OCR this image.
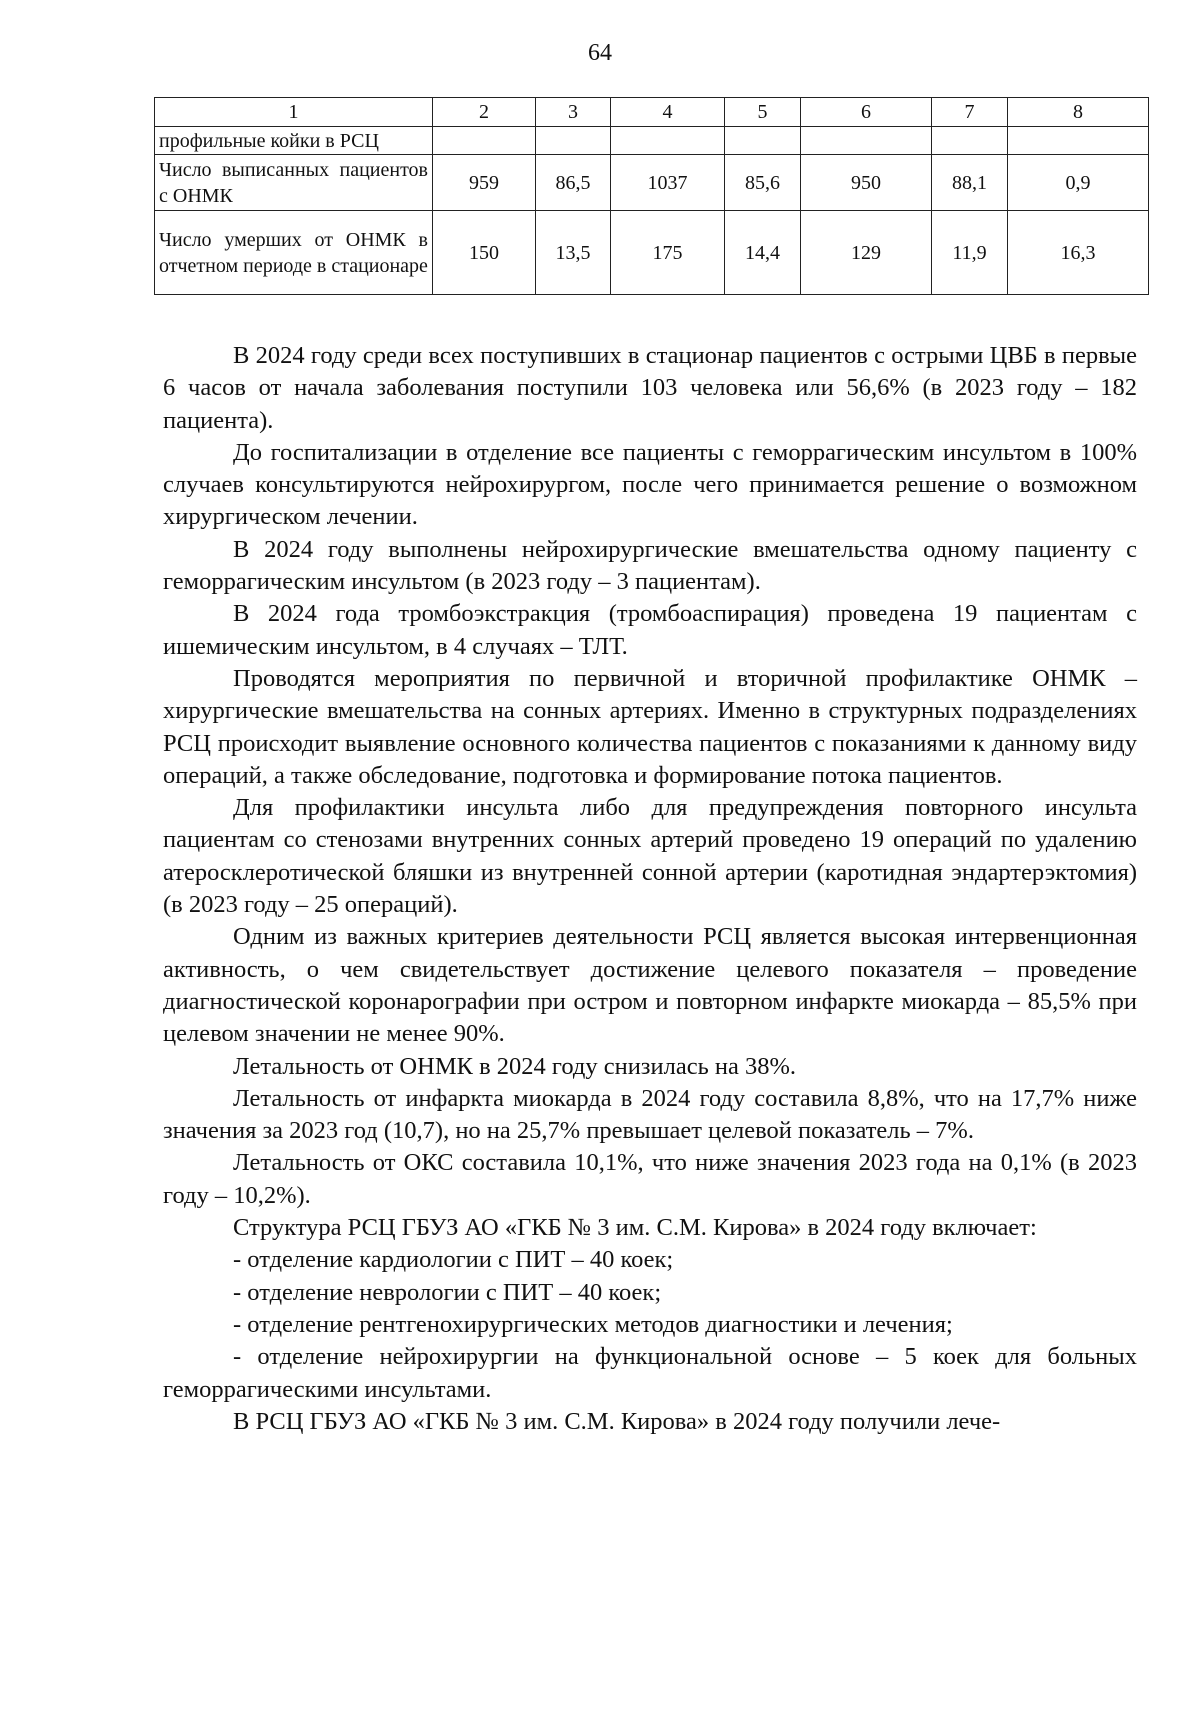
64
1	2	3	4	5	6	7	8
профильные койки в РСЦ							
Число выписанных пациентов с ОНМК	959	86,5	1037	85,6	950	88,1	0,9
Число умерших от ОНМК в отчетном периоде в стационаре	150	13,5	175	14,4	129	11,9	16,3

В 2024 году среди всех поступивших в стационар пациентов с острыми ЦВБ в первые 6 часов от начала заболевания поступили 103 человека или 56,6% (в 2023 году – 182 пациента).

До госпитализации в отделение все пациенты с геморрагическим инсультом в 100% случаев консультируются нейрохирургом, после чего принимается решение о возможном хирургическом лечении.

В 2024 году выполнены нейрохирургические вмешательства одному пациенту с геморрагическим инсультом (в 2023 году – 3 пациентам).

В 2024 года тромбоэкстракция (тромбоаспирация) проведена 19 пациентам с ишемическим инсультом, в 4 случаях – ТЛТ.

Проводятся мероприятия по первичной и вторичной профилактике ОНМК – хирургические вмешательства на сонных артериях. Именно в структурных подразделениях РСЦ происходит выявление основного количества пациентов с показаниями к данному виду операций, а также обследование, подготовка и формирование потока пациентов.

Для профилактики инсульта либо для предупреждения повторного инсульта пациентам со стенозами внутренних сонных артерий проведено 19 операций по удалению атеросклеротической бляшки из внутренней сонной артерии (каротидная эндартерэктомия) (в 2023 году – 25 операций).

Одним из важных критериев деятельности РСЦ является высокая интервенционная активность, о чем свидетельствует достижение целевого показателя – проведение диагностической коронарографии при остром и повторном инфаркте миокарда – 85,5% при целевом значении не менее 90%.

Летальность от ОНМК в 2024 году снизилась на 38%.

Летальность от инфаркта миокарда в 2024 году составила 8,8%, что на 17,7% ниже значения за 2023 год (10,7), но на 25,7% превышает целевой показатель – 7%.

Летальность от ОКС составила 10,1%, что ниже значения 2023 года на 0,1% (в 2023 году – 10,2%).

Структура РСЦ ГБУЗ АО «ГКБ № 3 им. С.М. Кирова» в 2024 году включает:

- отделение кардиологии с ПИТ – 40 коек;

- отделение неврологии с ПИТ – 40 коек;

- отделение рентгенохирургических методов диагностики и лечения;

- отделение нейрохирургии на функциональной основе – 5 коек для больных геморрагическими инсультами.

В РСЦ ГБУЗ АО «ГКБ № 3 им. С.М. Кирова» в 2024 году получили лече-
